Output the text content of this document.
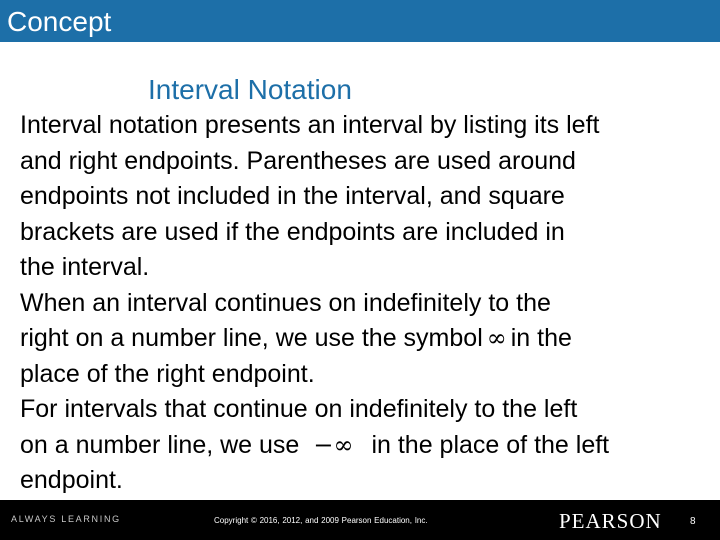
Concept
Interval Notation
Interval notation presents an interval by listing its left
and right endpoints. Parentheses are used around
endpoints not included in the interval, and square
brackets are used if the endpoints are included in
the interval.
When an interval continues on indefinitely to the
right on a number line, we use the symbol ∞ in the
place of the right endpoint.
For intervals that continue on indefinitely to the left
on a number line, we use −∞ in the place of the left
endpoint.
ALWAYS LEARNING	Copyright © 2016, 2012, and 2009 Pearson Education, Inc.	PEARSON	8
